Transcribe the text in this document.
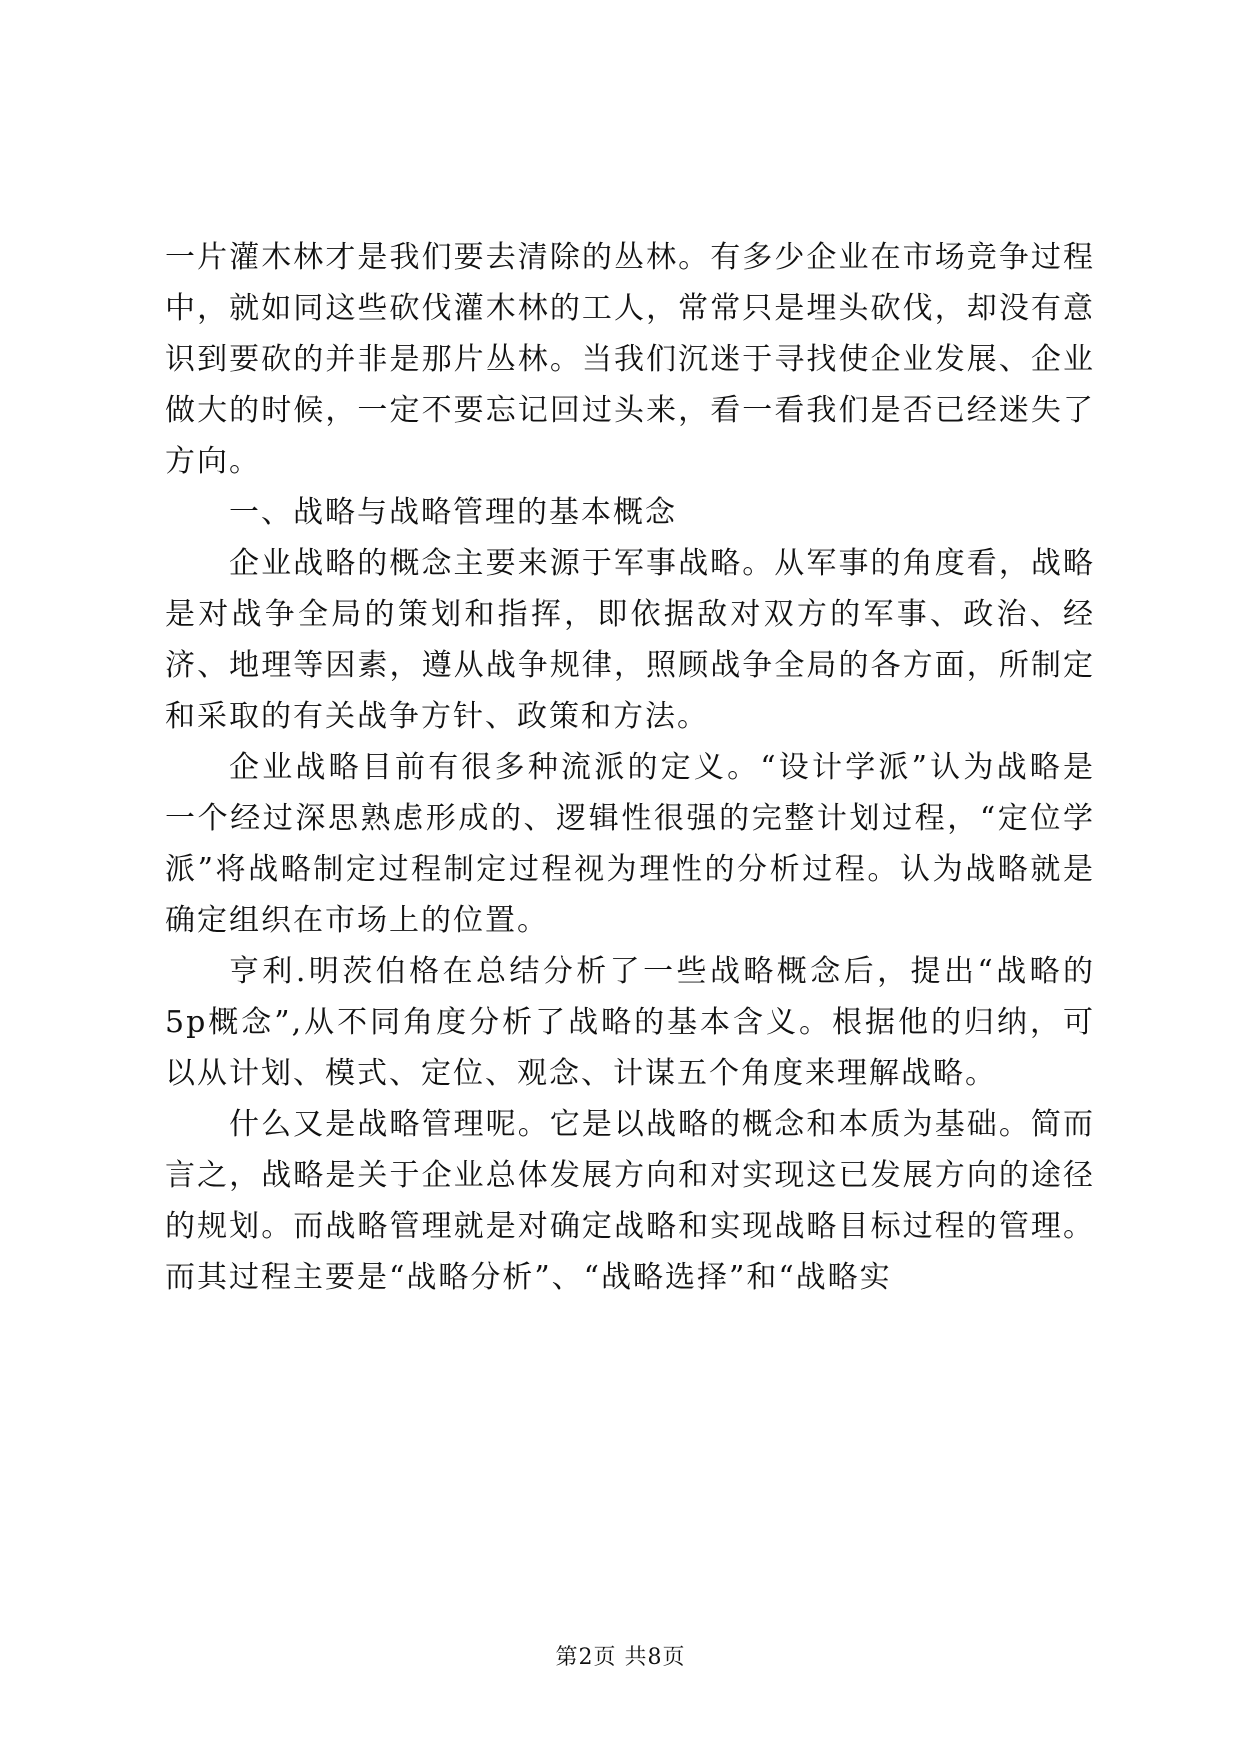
一片灌木林才是我们要去清除的丛林。有多少企业在市场竞争过程中，就如同这些砍伐灌木林的工人，常常只是埋头砍伐，却没有意识到要砍的并非是那片丛林。当我们沉迷于寻找使企业发展、企业做大的时候，一定不要忘记回过头来，看一看我们是否已经迷失了方向。

一、战略与战略管理的基本概念

企业战略的概念主要来源于军事战略。从军事的角度看，战略是对战争全局的策划和指挥，即依据敌对双方的军事、政治、经济、地理等因素，遵从战争规律，照顾战争全局的各方面，所制定和采取的有关战争方针、政策和方法。

企业战略目前有很多种流派的定义。“设计学派”认为战略是一个经过深思熟虑形成的、逻辑性很强的完整计划过程，“定位学派”将战略制定过程制定过程视为理性的分析过程。认为战略就是确定组织在市场上的位置。

亨利.明茨伯格在总结分析了一些战略概念后，提出“战略的5p概念”,从不同角度分析了战略的基本含义。根据他的归纳，可以从计划、模式、定位、观念、计谋五个角度来理解战略。

什么又是战略管理呢。它是以战略的概念和本质为基础。简而言之，战略是关于企业总体发展方向和对实现这已发展方向的途径的规划。而战略管理就是对确定战略和实现战略目标过程的管理。而其过程主要是“战略分析”、“战略选择”和“战略实

第2页 共8页
